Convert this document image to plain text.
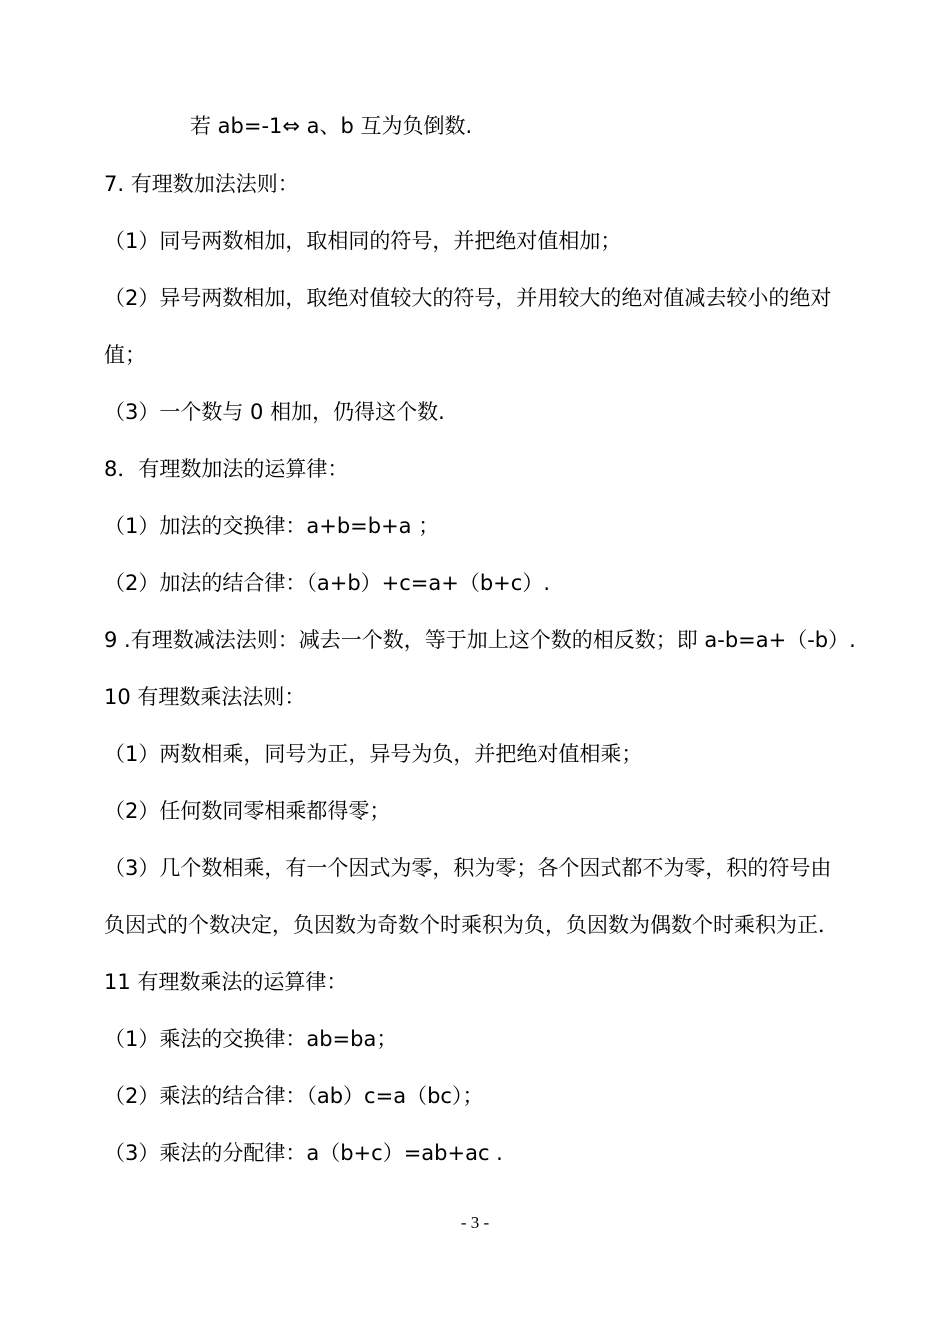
若 ab=-1⇔ a、b 互为负倒数.
7. 有理数加法法则：
（1）同号两数相加，取相同的符号，并把绝对值相加；
（2）异号两数相加，取绝对值较大的符号，并用较大的绝对值减去较小的绝对
值；
（3）一个数与 0 相加，仍得这个数.
8．有理数加法的运算律：
（1）加法的交换律：a+b=b+a ；
（2）加法的结合律：（a+b）+c=a+（b+c）.
9 .有理数减法法则：减去一个数，等于加上这个数的相反数；即 a-b=a+（-b）.
10 有理数乘法法则：
（1）两数相乘，同号为正，异号为负，并把绝对值相乘；
（2）任何数同零相乘都得零；
（3）几个数相乘，有一个因式为零，积为零；各个因式都不为零，积的符号由
负因式的个数决定，负因数为奇数个时乘积为负，负因数为偶数个时乘积为正．
11 有理数乘法的运算律：
（1）乘法的交换律：ab=ba；
（2）乘法的结合律：（ab）c=a（bc）；
（3）乘法的分配律：a（b+c）=ab+ac .
- 3 -
